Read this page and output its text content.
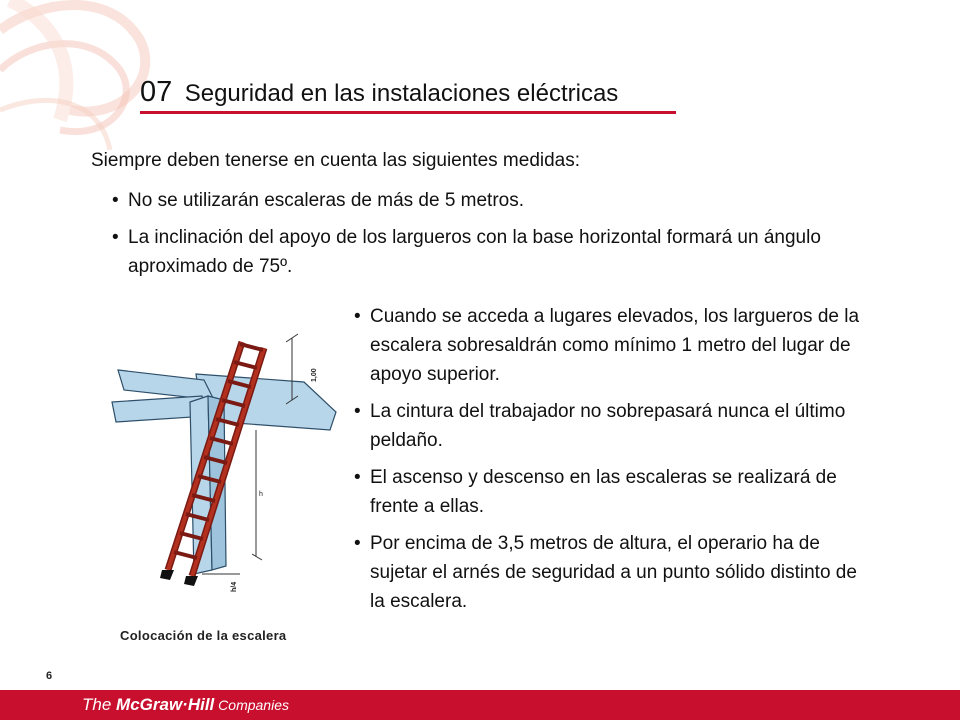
07 Seguridad en las instalaciones eléctricas
Siempre deben tenerse en cuenta las siguientes medidas:
• No se utilizarán escaleras de más de 5 metros.
• La inclinación del apoyo de los largueros con la base horizontal formará un ángulo aproximado de 75º.
• Cuando se acceda a lugares elevados, los largueros de la escalera sobresaldrán como mínimo 1 metro del lugar de apoyo superior.
• La cintura del trabajador no sobrepasará nunca el último peldaño.
• El ascenso y descenso en las escaleras se realizará de frente a ellas.
• Por encima de 3,5 metros de altura, el operario ha de sujetar el arnés de seguridad a un punto sólido distinto de la escalera.
1,00
h
h/4
Colocación de la escalera
6
The McGraw·Hill Companies
